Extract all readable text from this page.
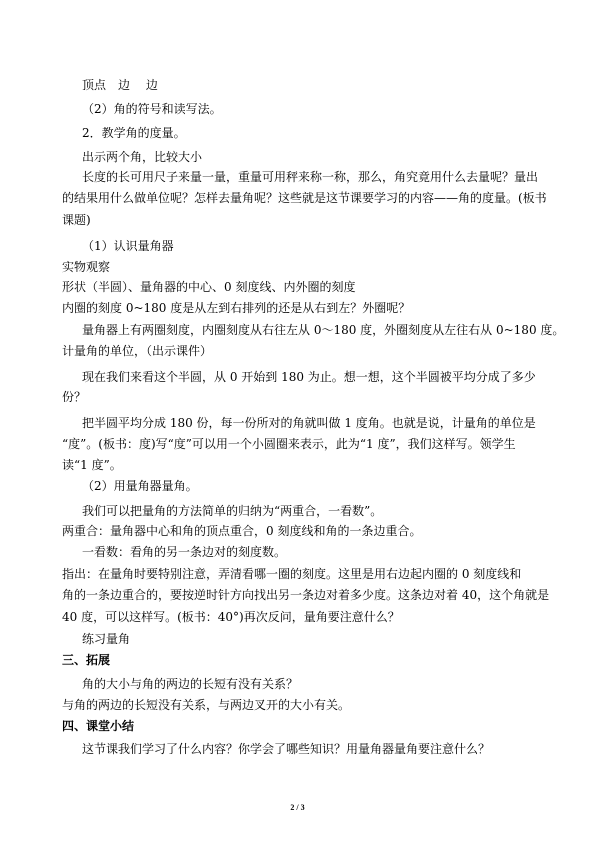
顶点　边　 边
（2）角的符号和读写法。
2．教学角的度量。
出示两个角，比较大小
长度的长可用尺子来量一量，重量可用秤来称一称，那么，角究竟用什么去量呢？量出
的结果用什么做单位呢？怎样去量角呢？这些就是这节课要学习的内容——角的度量。(板书
课题)
（1）认识量角器
实物观察
形状（半圆）、量角器的中心、0 刻度线、内外圈的刻度
内圈的刻度 0~180 度是从左到右排列的还是从右到左？外圈呢？
量角器上有两圈刻度，内圈刻度从右往左从 0～180 度，外圈刻度从左往右从 0~180 度。
计量角的单位，（出示课件）
现在我们来看这个半圆，从 0 开始到 180 为止。想一想，这个半圆被平均分成了多少
份？
把半圆平均分成 180 份，每一份所对的角就叫做 1 度角。也就是说，计量角的单位是
“度”。(板书：度)写“度”可以用一个小圆圈来表示，此为“1 度”，我们这样写。领学生
读“1 度”。
（2）用量角器量角。
我们可以把量角的方法简单的归纳为“两重合，一看数”。
两重合：量角器中心和角的顶点重合，0 刻度线和角的一条边重合。
一看数：看角的另一条边对的刻度数。
指出：在量角时要特别注意，弄清看哪一圈的刻度。这里是用右边起内圈的 0 刻度线和
角的一条边重合的，要按逆时针方向找出另一条边对着多少度。这条边对着 40，这个角就是
40 度，可以这样写。(板书：40°)再次反问，量角要注意什么？
练习量角
三、拓展
角的大小与角的两边的长短有没有关系？
与角的两边的长短没有关系，与两边叉开的大小有关。
四、课堂小结
这节课我们学习了什么内容？你学会了哪些知识？用量角器量角要注意什么？
2 / 3
